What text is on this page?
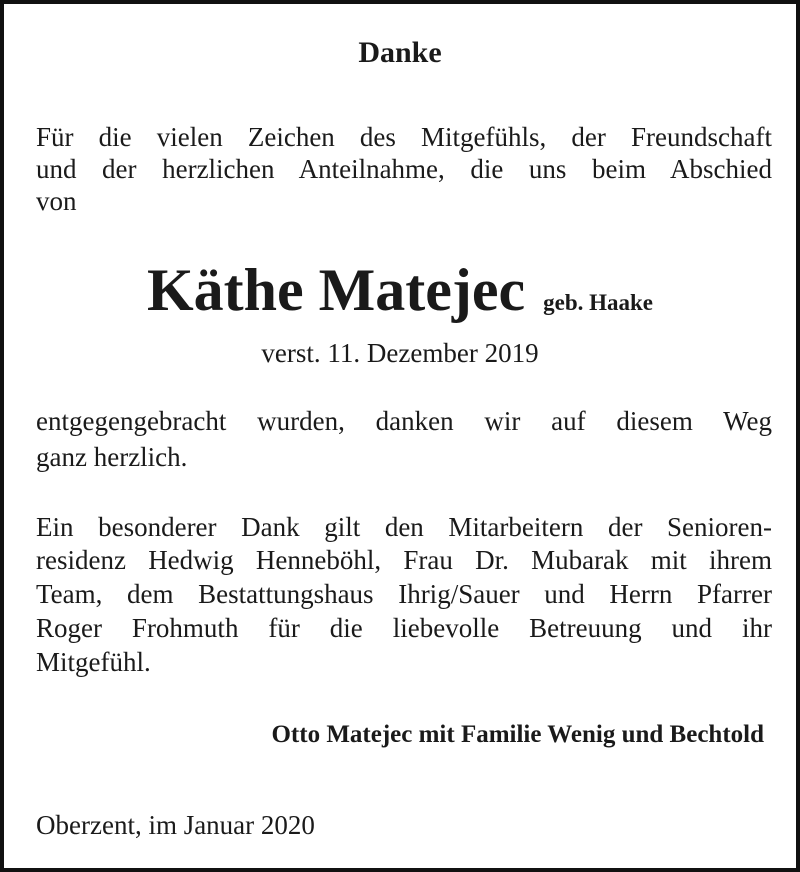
Danke
Für die vielen Zeichen des Mitgefühls, der Freundschaft
und der herzlichen Anteilnahme, die uns beim Abschied
von
Käthe Matejec geb. Haake
verst. 11. Dezember 2019
entgegengebracht wurden, danken wir auf diesem Weg
ganz herzlich.
Ein besonderer Dank gilt den Mitarbeitern der Senioren-
residenz Hedwig Henneböhl, Frau Dr. Mubarak mit ihrem
Team, dem Bestattungshaus Ihrig/Sauer und Herrn Pfarrer
Roger Frohmuth für die liebevolle Betreuung und ihr
Mitgefühl.
Otto Matejec mit Familie Wenig und Bechtold
Oberzent, im Januar 2020
